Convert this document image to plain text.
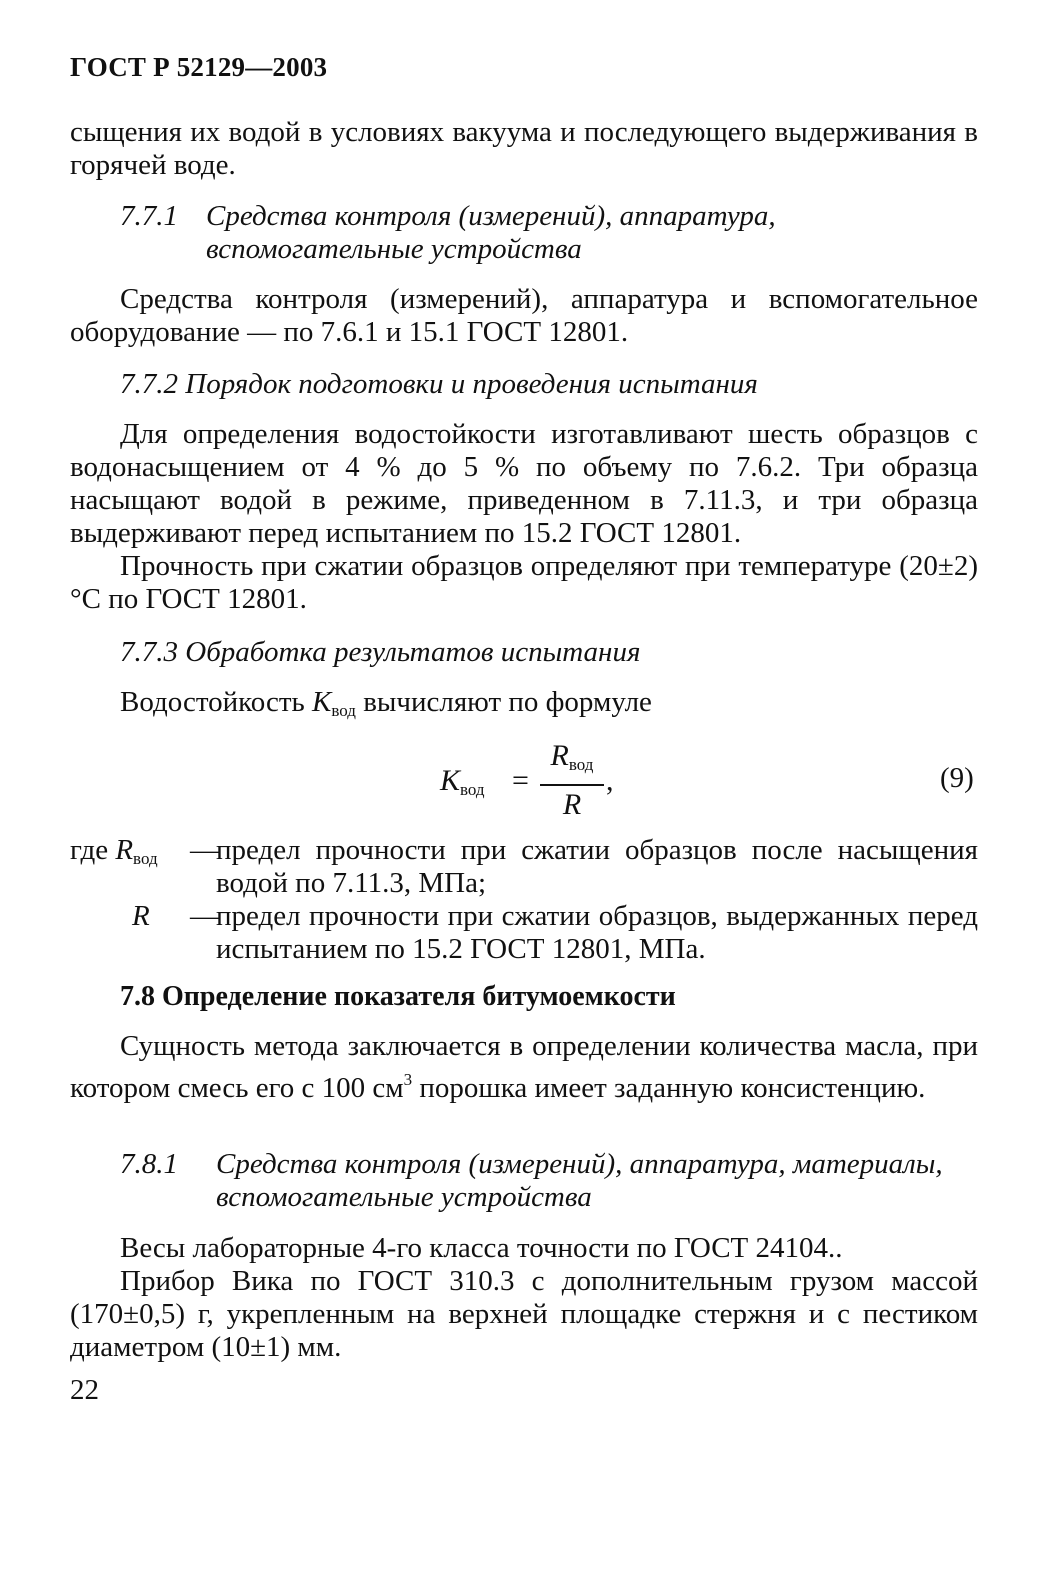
ГОСТ Р 52129—2003

сыщения их водой в условиях вакуума и последующего выдерживания в горячей воде.

7.7.1 Средства контроля (измерений), аппаратура, вспомогательные устройства

Средства контроля (измерений), аппаратура и вспомогательное оборудование — по 7.6.1 и 15.1 ГОСТ 12801.

7.7.2 Порядок подготовки и проведения испытания

Для определения водостойкости изготавливают шесть образцов с водонасыщением от 4 % до 5 % по объему по 7.6.2. Три образца насыщают водой в режиме, приведенном в 7.11.3, и три образца выдерживают перед испытанием по 15.2 ГОСТ 12801.

Прочность при сжатии образцов определяют при температуре (20±2) °С по ГОСТ 12801.

7.7.3 Обработка результатов испытания

Водостойкость $K_{вод}$ вычисляют по формуле

$K_{вод}$ =
$R_{вод}$
R
,	(9)
где $R_{вод}$ —
предел прочности при сжатии образцов после насыщения водой по 7.11.3, МПа;
R —
предел прочности при сжатии образцов, выдержанных перед испытанием по 15.2 ГОСТ 12801, МПа.
7.8 Определение показателя битумоемкости

Сущность метода заключается в определении количества масла, при котором смесь его с 100 $см^3$ порошка имеет заданную консистенцию.

7.8.1 Средства контроля (измерений), аппаратура, материалы, вспомогательные устройства

Весы лабораторные 4-го класса точности по ГОСТ 24104..

Прибор Вика по ГОСТ 310.3 с дополнительным грузом массой (170±0,5) г, укрепленным на верхней площадке стержня и с пестиком диаметром (10±1) мм.

22
